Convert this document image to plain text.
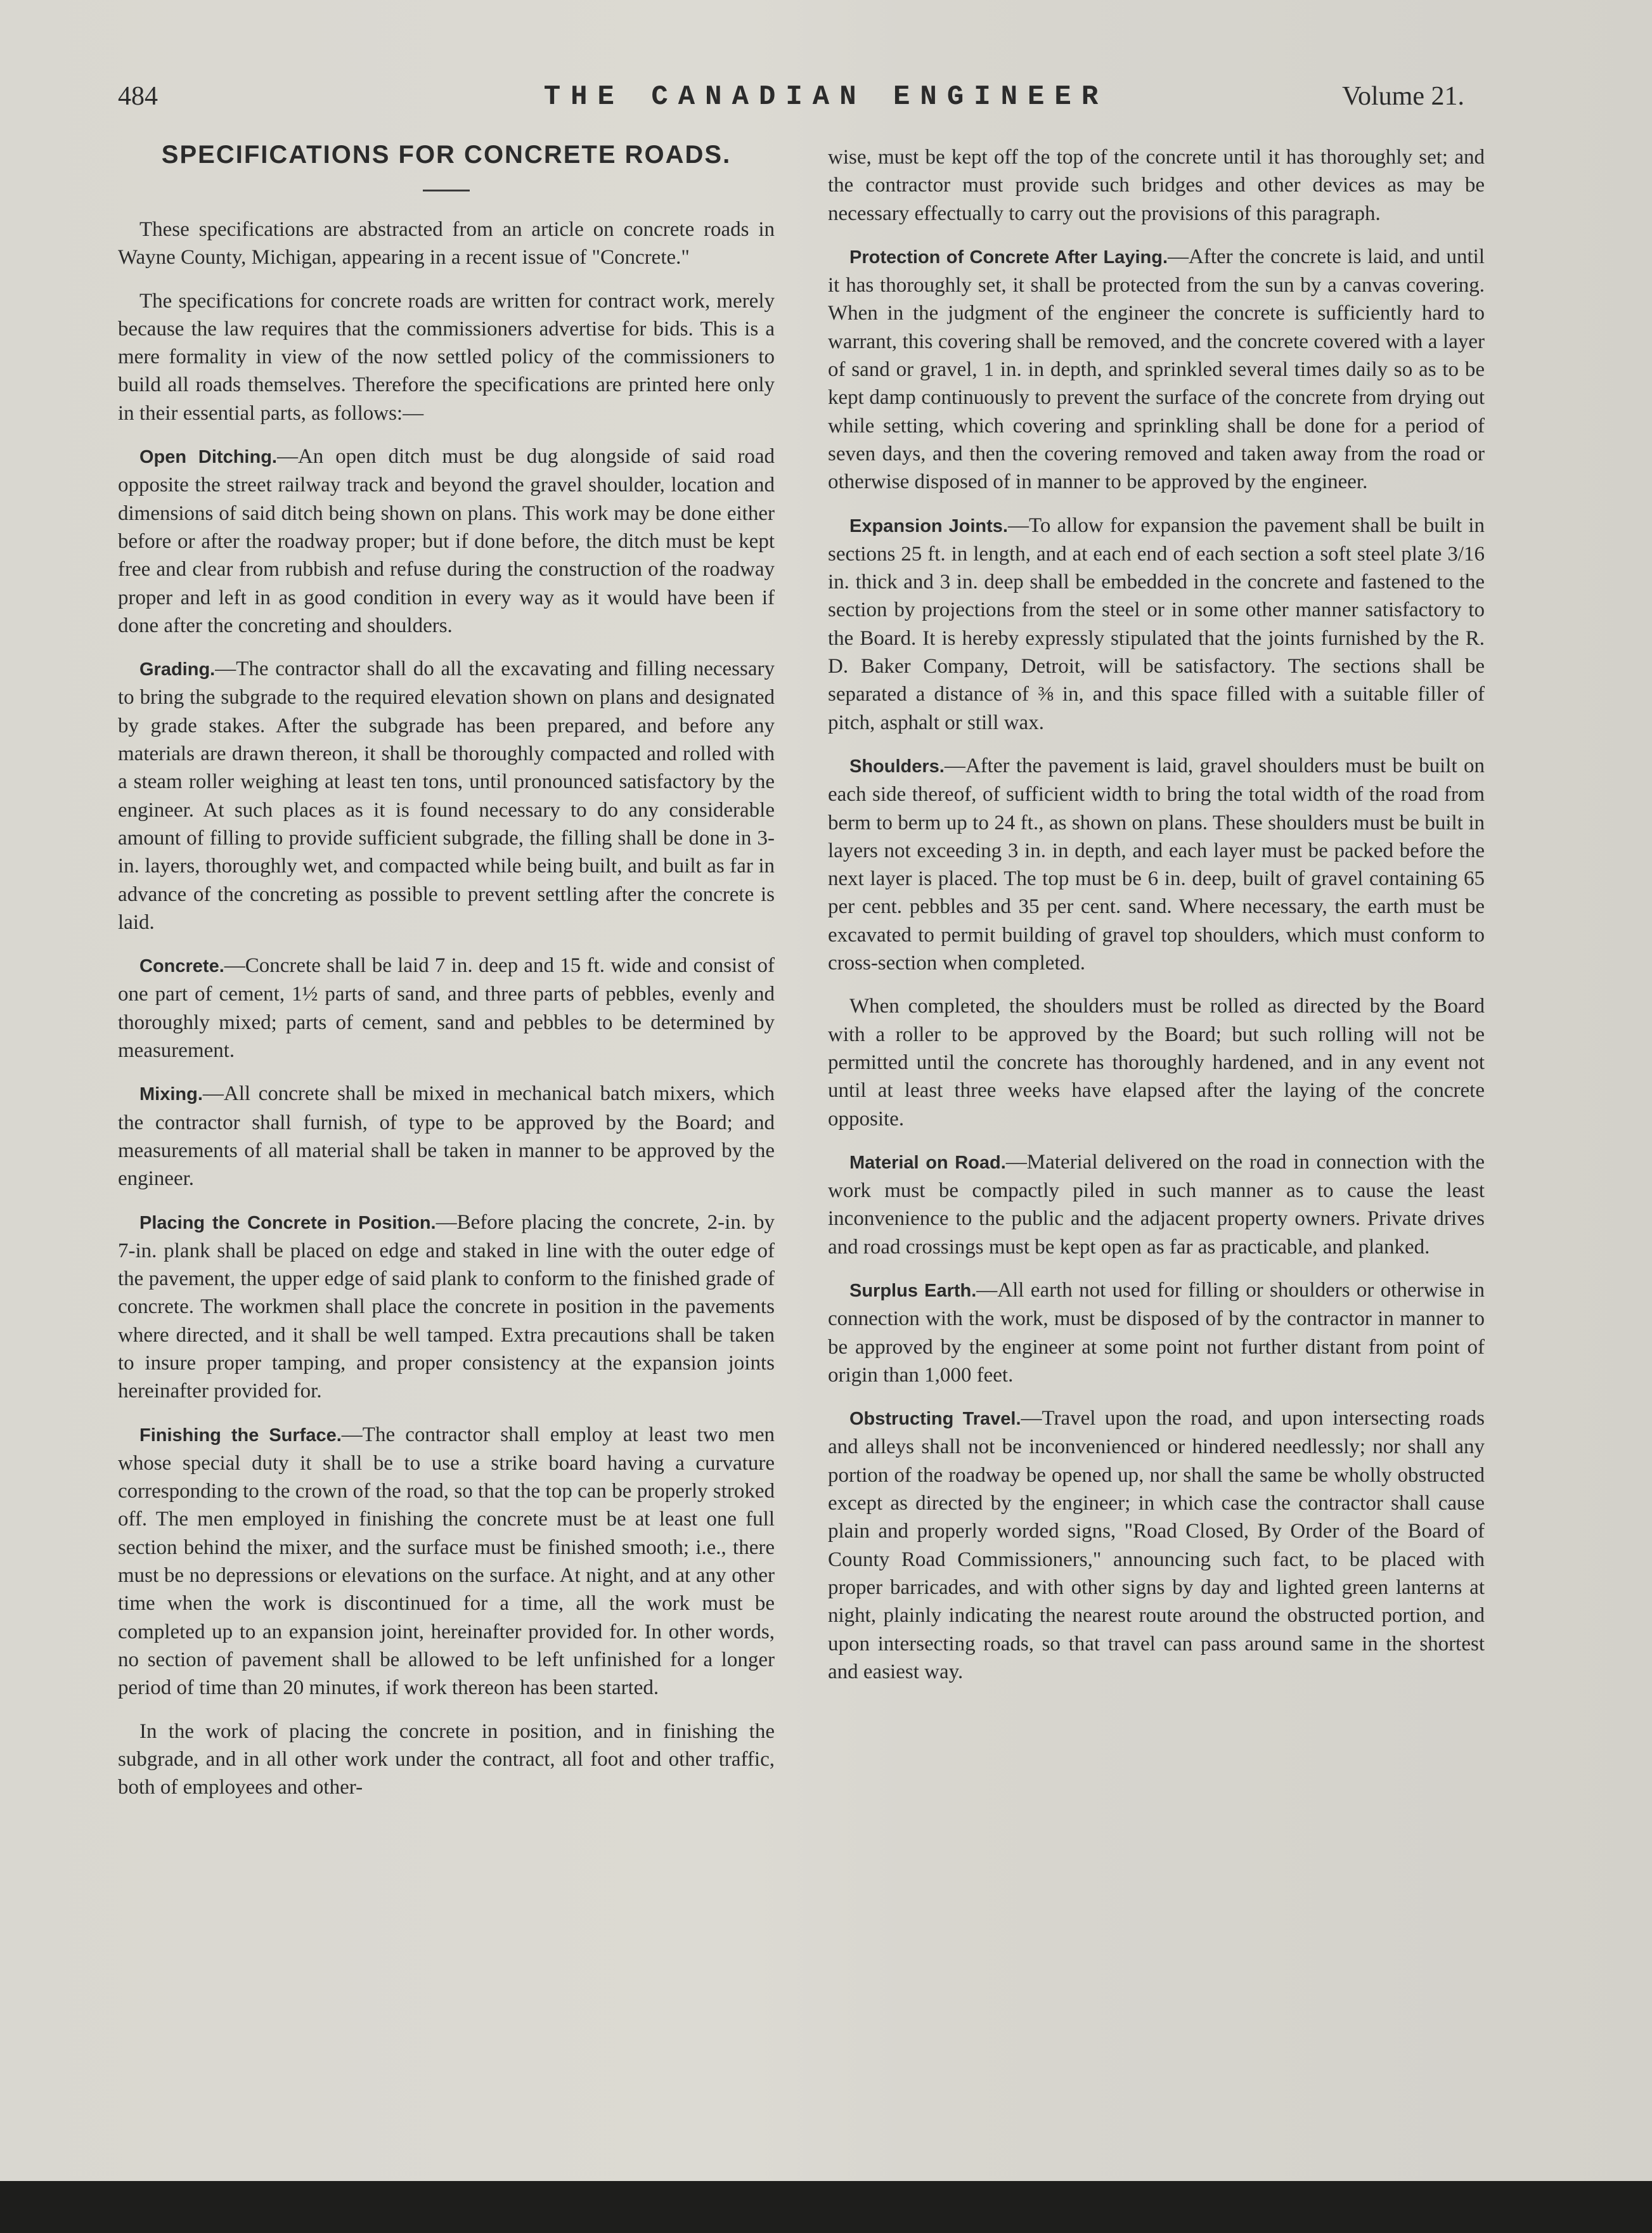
484	THE CANADIAN ENGINEER	Volume 21.
SPECIFICATIONS FOR CONCRETE ROADS.

These specifications are abstracted from an article on concrete roads in Wayne County, Michigan, appearing in a recent issue of "Concrete."

The specifications for concrete roads are written for contract work, merely because the law requires that the commissioners advertise for bids. This is a mere formality in view of the now settled policy of the commissioners to build all roads themselves. Therefore the specifications are printed here only in their essential parts, as follows:—

Open Ditching.—An open ditch must be dug alongside of said road opposite the street railway track and beyond the gravel shoulder, location and dimensions of said ditch being shown on plans. This work may be done either before or after the roadway proper; but if done before, the ditch must be kept free and clear from rubbish and refuse during the construction of the roadway proper and left in as good condition in every way as it would have been if done after the concreting and shoulders.

Grading.—The contractor shall do all the excavating and filling necessary to bring the subgrade to the required elevation shown on plans and designated by grade stakes. After the subgrade has been prepared, and before any materials are drawn thereon, it shall be thoroughly compacted and rolled with a steam roller weighing at least ten tons, until pronounced satisfactory by the engineer. At such places as it is found necessary to do any considerable amount of filling to provide sufficient subgrade, the filling shall be done in 3-in. layers, thoroughly wet, and compacted while being built, and built as far in advance of the concreting as possible to prevent settling after the concrete is laid.

Concrete.—Concrete shall be laid 7 in. deep and 15 ft. wide and consist of one part of cement, 1½ parts of sand, and three parts of pebbles, evenly and thoroughly mixed; parts of cement, sand and pebbles to be determined by measurement.

Mixing.—All concrete shall be mixed in mechanical batch mixers, which the contractor shall furnish, of type to be approved by the Board; and measurements of all material shall be taken in manner to be approved by the engineer.

Placing the Concrete in Position.—Before placing the concrete, 2-in. by 7-in. plank shall be placed on edge and staked in line with the outer edge of the pavement, the upper edge of said plank to conform to the finished grade of concrete. The workmen shall place the concrete in position in the pavements where directed, and it shall be well tamped. Extra precautions shall be taken to insure proper tamping, and proper consistency at the expansion joints hereinafter provided for.

Finishing the Surface.—The contractor shall employ at least two men whose special duty it shall be to use a strike board having a curvature corresponding to the crown of the road, so that the top can be properly stroked off. The men employed in finishing the concrete must be at least one full section behind the mixer, and the surface must be finished smooth; i.e., there must be no depressions or elevations on the surface. At night, and at any other time when the work is discontinued for a time, all the work must be completed up to an expansion joint, hereinafter provided for. In other words, no section of pavement shall be allowed to be left unfinished for a longer period of time than 20 minutes, if work thereon has been started.

In the work of placing the concrete in position, and in finishing the subgrade, and in all other work under the contract, all foot and other traffic, both of employees and other-

wise, must be kept off the top of the concrete until it has thoroughly set; and the contractor must provide such bridges and other devices as may be necessary effectually to carry out the provisions of this paragraph.

Protection of Concrete After Laying.—After the concrete is laid, and until it has thoroughly set, it shall be protected from the sun by a canvas covering. When in the judgment of the engineer the concrete is sufficiently hard to warrant, this covering shall be removed, and the concrete covered with a layer of sand or gravel, 1 in. in depth, and sprinkled several times daily so as to be kept damp continuously to prevent the surface of the concrete from drying out while setting, which covering and sprinkling shall be done for a period of seven days, and then the covering removed and taken away from the road or otherwise disposed of in manner to be approved by the engineer.

Expansion Joints.—To allow for expansion the pavement shall be built in sections 25 ft. in length, and at each end of each section a soft steel plate 3/16 in. thick and 3 in. deep shall be embedded in the concrete and fastened to the section by projections from the steel or in some other manner satisfactory to the Board. It is hereby expressly stipulated that the joints furnished by the R. D. Baker Company, Detroit, will be satisfactory. The sections shall be separated a distance of ⅜ in, and this space filled with a suitable filler of pitch, asphalt or still wax.

Shoulders.—After the pavement is laid, gravel shoulders must be built on each side thereof, of sufficient width to bring the total width of the road from berm to berm up to 24 ft., as shown on plans. These shoulders must be built in layers not exceeding 3 in. in depth, and each layer must be packed before the next layer is placed. The top must be 6 in. deep, built of gravel containing 65 per cent. pebbles and 35 per cent. sand. Where necessary, the earth must be excavated to permit building of gravel top shoulders, which must conform to cross-section when completed.

When completed, the shoulders must be rolled as directed by the Board with a roller to be approved by the Board; but such rolling will not be permitted until the concrete has thoroughly hardened, and in any event not until at least three weeks have elapsed after the laying of the concrete opposite.

Material on Road.—Material delivered on the road in connection with the work must be compactly piled in such manner as to cause the least inconvenience to the public and the adjacent property owners. Private drives and road crossings must be kept open as far as practicable, and planked.

Surplus Earth.—All earth not used for filling or shoulders or otherwise in connection with the work, must be disposed of by the contractor in manner to be approved by the engineer at some point not further distant from point of origin than 1,000 feet.

Obstructing Travel.—Travel upon the road, and upon intersecting roads and alleys shall not be inconvenienced or hindered needlessly; nor shall any portion of the roadway be opened up, nor shall the same be wholly obstructed except as directed by the engineer; in which case the contractor shall cause plain and properly worded signs, "Road Closed, By Order of the Board of County Road Commissioners," announcing such fact, to be placed with proper barricades, and with other signs by day and lighted green lanterns at night, plainly indicating the nearest route around the obstructed portion, and upon intersecting roads, so that travel can pass around same in the shortest and easiest way.
